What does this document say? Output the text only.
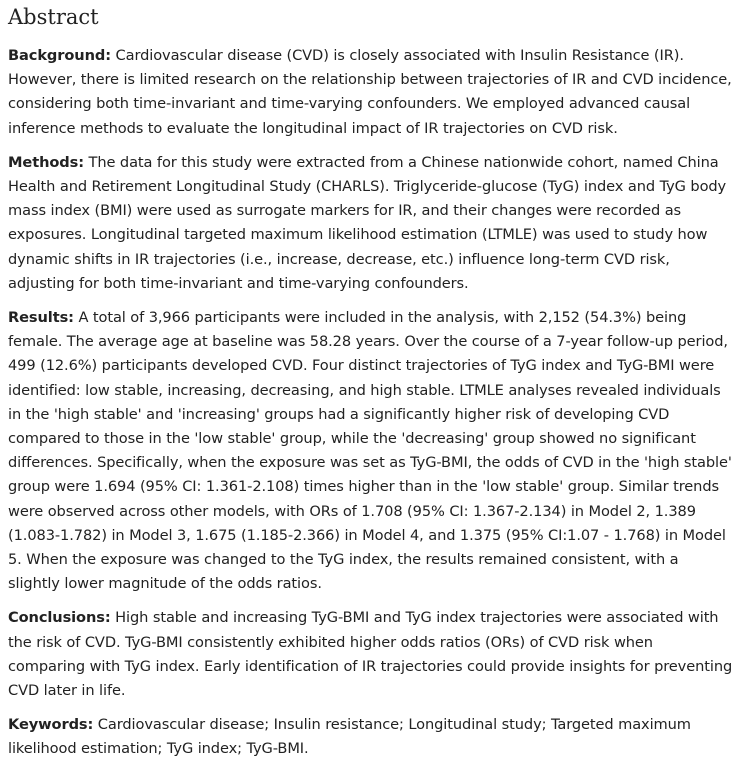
Abstract

Background: Cardiovascular disease (CVD) is closely associated with Insulin Resistance (IR). However, there is limited research on the relationship between trajectories of IR and CVD incidence, considering both time-invariant and time-varying confounders. We employed advanced causal inference methods to evaluate the longitudinal impact of IR trajectories on CVD risk.

Methods: The data for this study were extracted from a Chinese nationwide cohort, named China Health and Retirement Longitudinal Study (CHARLS). Triglyceride-glucose (TyG) index and TyG body mass index (BMI) were used as surrogate markers for IR, and their changes were recorded as exposures. Longitudinal targeted maximum likelihood estimation (LTMLE) was used to study how dynamic shifts in IR trajectories (i.e., increase, decrease, etc.) influence long-term CVD risk, adjusting for both time-invariant and time-varying confounders.

Results: A total of 3,966 participants were included in the analysis, with 2,152 (54.3%) being female. The average age at baseline was 58.28 years. Over the course of a 7-year follow-up period, 499 (12.6%) participants developed CVD. Four distinct trajectories of TyG index and TyG-BMI were identified: low stable, increasing, decreasing, and high stable. LTMLE analyses revealed individuals in the 'high stable' and 'increasing' groups had a significantly higher risk of developing CVD compared to those in the 'low stable' group, while the 'decreasing' group showed no significant differences. Specifically, when the exposure was set as TyG-BMI, the odds of CVD in the 'high stable' group were 1.694 (95% CI: 1.361-2.108) times higher than in the 'low stable' group. Similar trends were observed across other models, with ORs of 1.708 (95% CI: 1.367-2.134) in Model 2, 1.389 (1.083-1.782) in Model 3, 1.675 (1.185-2.366) in Model 4, and 1.375 (95% CI:1.07 - 1.768) in Model 5. When the exposure was changed to the TyG index, the results remained consistent, with a slightly lower magnitude of the odds ratios.

Conclusions: High stable and increasing TyG-BMI and TyG index trajectories were associated with the risk of CVD. TyG-BMI consistently exhibited higher odds ratios (ORs) of CVD risk when comparing with TyG index. Early identification of IR trajectories could provide insights for preventing CVD later in life.

Keywords: Cardiovascular disease; Insulin resistance; Longitudinal study; Targeted maximum likelihood estimation; TyG index; TyG-BMI.
